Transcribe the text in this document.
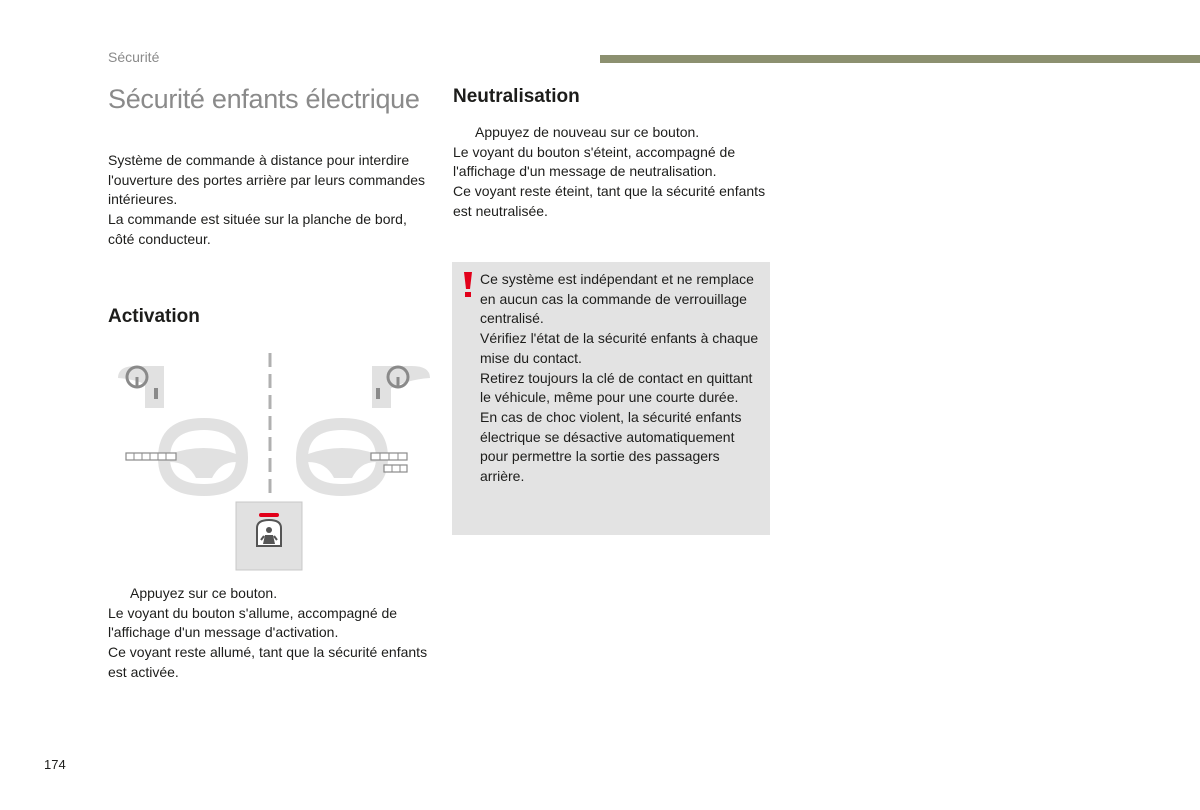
Sécurité
Sécurité enfants électrique

Système de commande à distance pour interdire l'ouverture des portes arrière par leurs commandes intérieures.

La commande est située sur la planche de bord, côté conducteur.

Activation

Appuyez sur ce bouton.

Le voyant du bouton s'allume, accompagné de l'affichage d'un message d'activation.

Ce voyant reste allumé, tant que la sécurité enfants est activée.

Neutralisation

Appuyez de nouveau sur ce bouton.

Le voyant du bouton s'éteint, accompagné de l'affichage d'un message de neutralisation.

Ce voyant reste éteint, tant que la sécurité enfants est neutralisée.

Ce système est indépendant et ne remplace en aucun cas la commande de verrouillage centralisé.

Vérifiez l'état de la sécurité enfants à chaque mise du contact.

Retirez toujours la clé de contact en quittant le véhicule, même pour une courte durée.

En cas de choc violent, la sécurité enfants électrique se désactive automatiquement pour permettre la sortie des passagers arrière.

174
